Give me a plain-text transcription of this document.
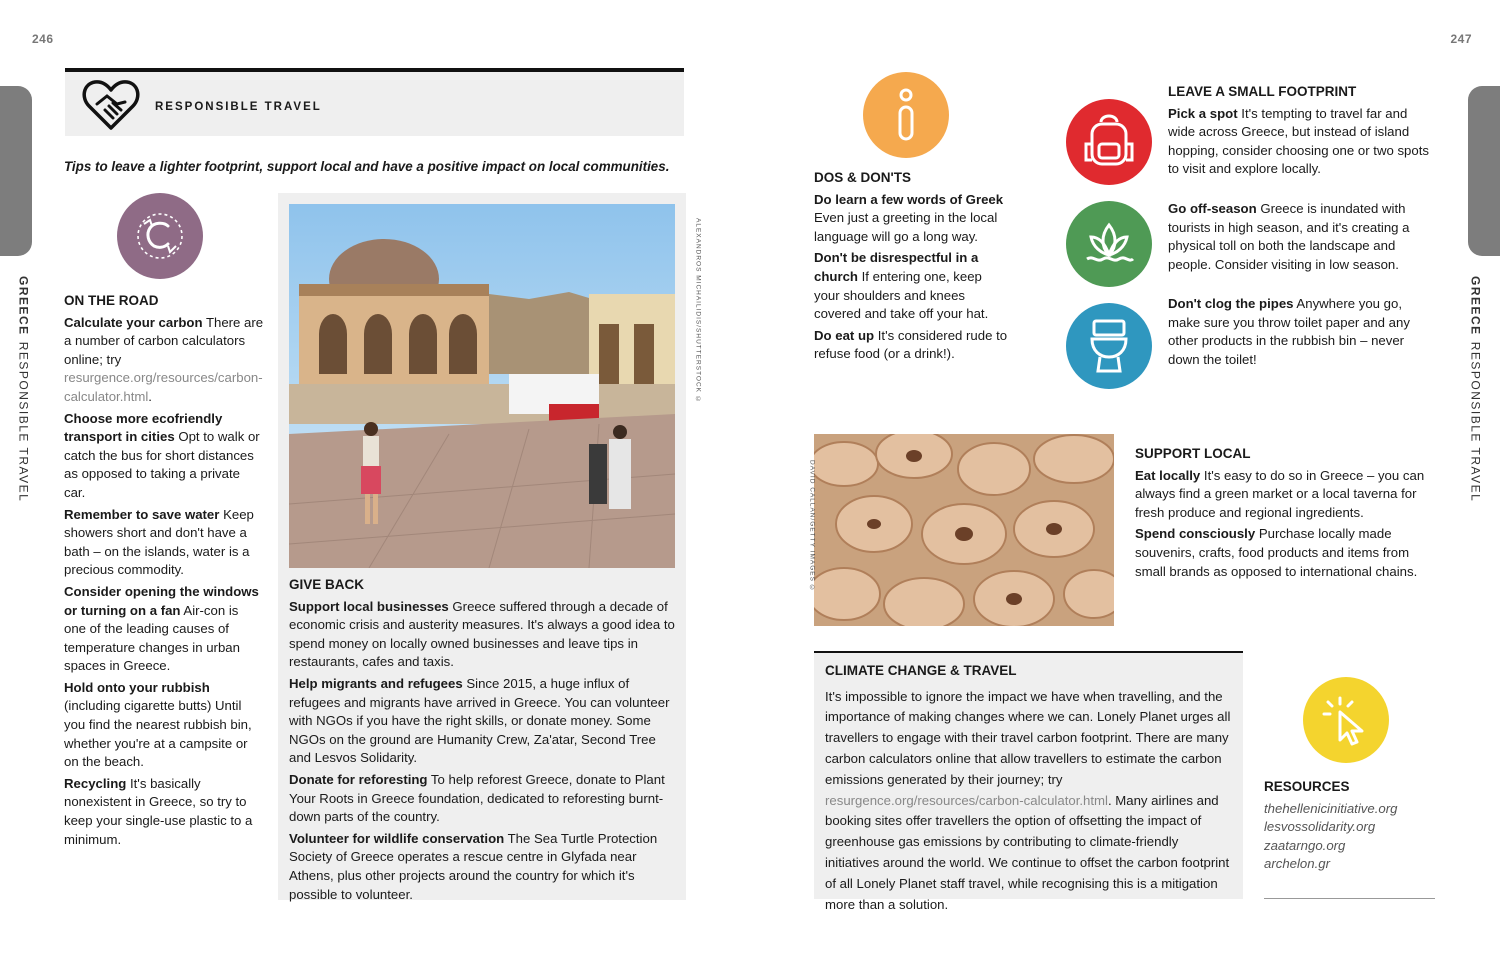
246	247
GREECERESPONSIBLE TRAVEL
GREECERESPONSIBLE TRAVEL
RESPONSIBLE TRAVEL
Tips to leave a lighter footprint, support local and have a positive impact on local communities.
ON THE ROAD

Calculate your carbon There are a number of carbon calculators online; try resurgence.org/resources/carbon-calculator.html.

Choose more ecofriendly transport in cities Opt to walk or catch the bus for short distances as opposed to taking a private car.

Remember to save water Keep showers short and don't have a bath – on the islands, water is a precious commodity.

Consider opening the windows or turning on a fan Air-con is one of the leading causes of temperature changes in urban spaces in Greece.

Hold onto your rubbish (including cigarette butts) Until you find the nearest rubbish bin, whether you're at a campsite or on the beach.

Recycling It's basically nonexistent in Greece, so try to keep your single-use plastic to a minimum.

ALEXANDROS MICHAILIDIS/SHUTTERSTOCK ©
GIVE BACK

Support local businesses Greece suffered through a decade of economic crisis and austerity measures. It's always a good idea to spend money on locally owned businesses and leave tips in restaurants, cafes and taxis.

Help migrants and refugees Since 2015, a huge influx of refugees and migrants have arrived in Greece. You can volunteer with NGOs if you have the right skills, or donate money. Some NGOs on the ground are Humanity Crew, Za'atar, Second Tree and Lesvos Solidarity.

Donate for reforesting To help reforest Greece, donate to Plant Your Roots in Greece foundation, dedicated to reforesting burnt-down parts of the country.

Volunteer for wildlife conservation The Sea Turtle Protection Society of Greece operates a rescue centre in Glyfada near Athens, plus other projects around the country for which it's possible to volunteer.

DOS & DON'TS

Do learn a few words of Greek Even just a greeting in the local language will go a long way.

Don't be disrespectful in a church If entering one, keep your shoulders and knees covered and take off your hat.

Do eat up It's considered rude to refuse food (or a drink!).

LEAVE A SMALL FOOTPRINT

Pick a spot It's tempting to travel far and wide across Greece, but instead of island hopping, consider choosing one or two spots to visit and explore locally.

Go off-season Greece is inundated with tourists in high season, and it's creating a physical toll on both the landscape and people. Consider visiting in low season.

Don't clog the pipes Anywhere you go, make sure you throw toilet paper and any other products in the rubbish bin – never down the toilet!

DAVID CALLAN/GETTY IMAGES ©
SUPPORT LOCAL

Eat locally It's easy to do so in Greece – you can always find a green market or a local taverna for fresh produce and regional ingredients.

Spend consciously Purchase locally made souvenirs, crafts, food products and items from small brands as opposed to international chains.

CLIMATE CHANGE & TRAVEL

It's impossible to ignore the impact we have when travelling, and the importance of making changes where we can. Lonely Planet urges all travellers to engage with their travel carbon footprint. There are many carbon calculators online that allow travellers to estimate the carbon emissions generated by their journey; try resurgence.org/resources/carbon-calculator.html. Many airlines and booking sites offer travellers the option of offsetting the impact of greenhouse gas emissions by contributing to climate-friendly initiatives around the world. We continue to offset the carbon footprint of all Lonely Planet staff travel, while recognising this is a mitigation more than a solution.

RESOURCES
thehellenicinitiative.org
lesvossolidarity.org
zaatarngo.org
archelon.gr
